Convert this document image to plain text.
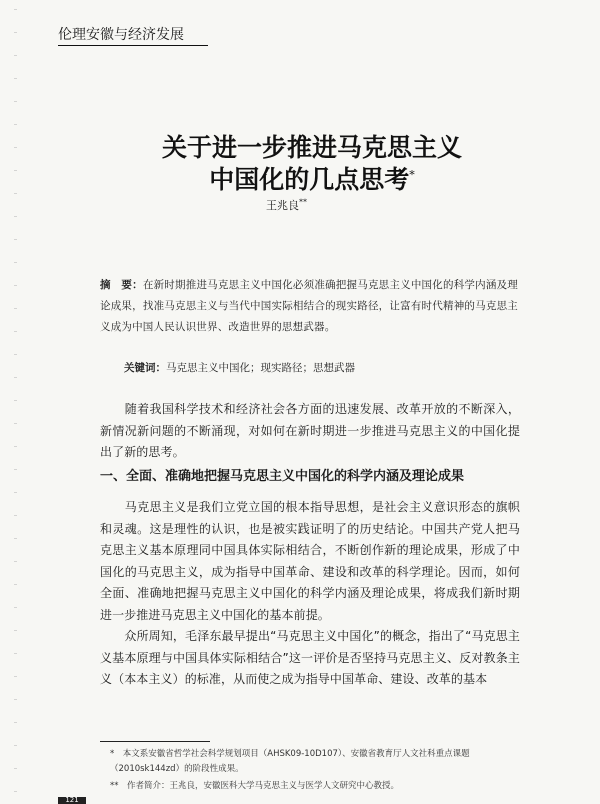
伦理安徽与经济发展
关于进一步推进马克思主义
中国化的几点思考*
王兆良**
摘　要：在新时期推进马克思主义中国化必须准确把握马克思主义中国化的科学内涵及理论成果，找准马克思主义与当代中国实际相结合的现实路径，让富有时代精神的马克思主义成为中国人民认识世界、改造世界的思想武器。
关键词：马克思主义中国化；现实路径；思想武器
　　随着我国科学技术和经济社会各方面的迅速发展、改革开放的不断深入，新情况新问题的不断涌现，对如何在新时期进一步推进马克思主义的中国化提出了新的思考。
一、全面、准确地把握马克思主义中国化的科学内涵及理论成果
　　马克思主义是我们立党立国的根本指导思想，是社会主义意识形态的旗帜和灵魂。这是理性的认识，也是被实践证明了的历史结论。中国共产党人把马克思主义基本原理同中国具体实际相结合，不断创作新的理论成果，形成了中国化的马克思主义，成为指导中国革命、建设和改革的科学理论。因而，如何全面、准确地把握马克思主义中国化的科学内涵及理论成果，将成我们新时期进一步推进马克思主义中国化的基本前提。
　　众所周知，毛泽东最早提出“马克思主义中国化”的概念，指出了“马克思主义基本原理与中国具体实际相结合”这一评价是否坚持马克思主义、反对教条主义（本本主义）的标准，从而使之成为指导中国革命、建设、改革的基本
*　本文系安徽省哲学社会科学规划项目（AHSK09-10D107）、安徽省教育厅人文社科重点课题（2010sk144zd）的阶段性成果。
**　作者简介：王兆良，安徽医科大学马克思主义与医学人文研究中心教授。
121
